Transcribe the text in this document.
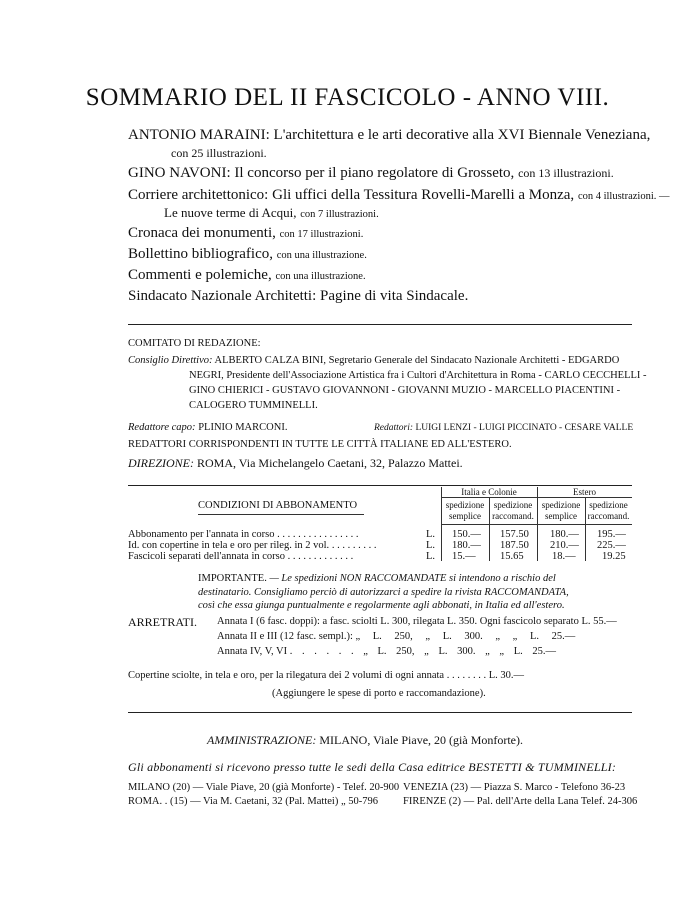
SOMMARIO DEL II FASCICOLO - ANNO VIII.
ANTONIO MARAINI: L'architettura e le arti decorative alla XVI Biennale Veneziana,
con 25 illustrazioni.
GINO NAVONI: Il concorso per il piano regolatore di Grosseto, con 13 illustrazioni.
Corriere architettonico: Gli uffici della Tessitura Rovelli-Marelli a Monza, con 4 illustrazioni. —
Le nuove terme di Acqui, con 7 illustrazioni.
Cronaca dei monumenti, con 17 illustrazioni.
Bollettino bibliografico, con una illustrazione.
Commenti e polemiche, con una illustrazione.
Sindacato Nazionale Architetti: Pagine di vita Sindacale.
COMITATO DI REDAZIONE:
Consiglio Direttivo: ALBERTO CALZA BINI, Segretario Generale del Sindacato Nazionale Architetti - EDGARDO
NEGRI, Presidente dell'Associazione Artistica fra i Cultori d'Architettura in Roma - CARLO CECCHELLI -
GINO CHIERICI - GUSTAVO GIOVANNONI - GIOVANNI MUZIO - MARCELLO PIACENTINI -
CALOGERO TUMMINELLI.
Redattore capo: PLINIO MARCONI.	Redattori: LUIGI LENZI - LUIGI PICCINATO - CESARE VALLE
REDATTORI CORRISPONDENTI IN TUTTE LE CITTÀ ITALIANE ED ALL'ESTERO.
DIREZIONE: ROMA, Via Michelangelo Caetani, 32, Palazzo Mattei.
CONDIZIONI DI ABBONAMENTO
Italia e Colonie	Estero
spedizione semplice
spedizione raccomand.
spedizione semplice
spedizione raccomand.
Abbonamento per l'annata in corso . . . . . . . . . . . . . . . .	L. 150.— 157.50 180.— 195.—
Id. con copertine in tela e oro per rileg. in 2 vol. . . . . . . . . .	L. 180.— 187.50 210.— 225.—
Fascicoli separati dell'annata in corso . . . . . . . . . . . . .	L. 15.— 15.65	18.—	19.25
IMPORTANTE. — Le spedizioni NON RACCOMANDATE si intendono a rischio del
destinatario. Consigliamo perciò di autorizzarci a spedire la rivista RACCOMANDATA,
così che essa giunga puntualmente e regolarmente agli abbonati, in Italia ed all'estero.
ARRETRATI. Annata I (6 fasc. doppi): a fasc. sciolti L. 300, rilegata L. 350. Ogni fascicolo separato L. 55.—
Annata II e III (12 fasc. sempl.): „ L. 250, „ L. 300. „ „ L. 25.—
Annata IV, V, VI . . . . . . „ L. 250, „ L. 300. „ „ L. 25.—
Copertine sciolte, in tela e oro, per la rilegatura dei 2 volumi di ogni annata . . . . . . . . L. 30.—
(Aggiungere le spese di porto e raccomandazione).
AMMINISTRAZIONE: MILANO, Viale Piave, 20 (già Monforte).
Gli abbonamenti si ricevono presso tutte le sedi della Casa editrice BESTETTI & TUMMINELLI:
MILANO (20) — Viale Piave, 20 (già Monforte) - Telef. 20-900
ROMA. . (15) — Via M. Caetani, 32 (Pal. Mattei) „ 50-796
VENEZIA (23) — Piazza S. Marco - Telefono 36-23
FIRENZE (2) — Pal. dell'Arte della Lana Telef. 24-306
